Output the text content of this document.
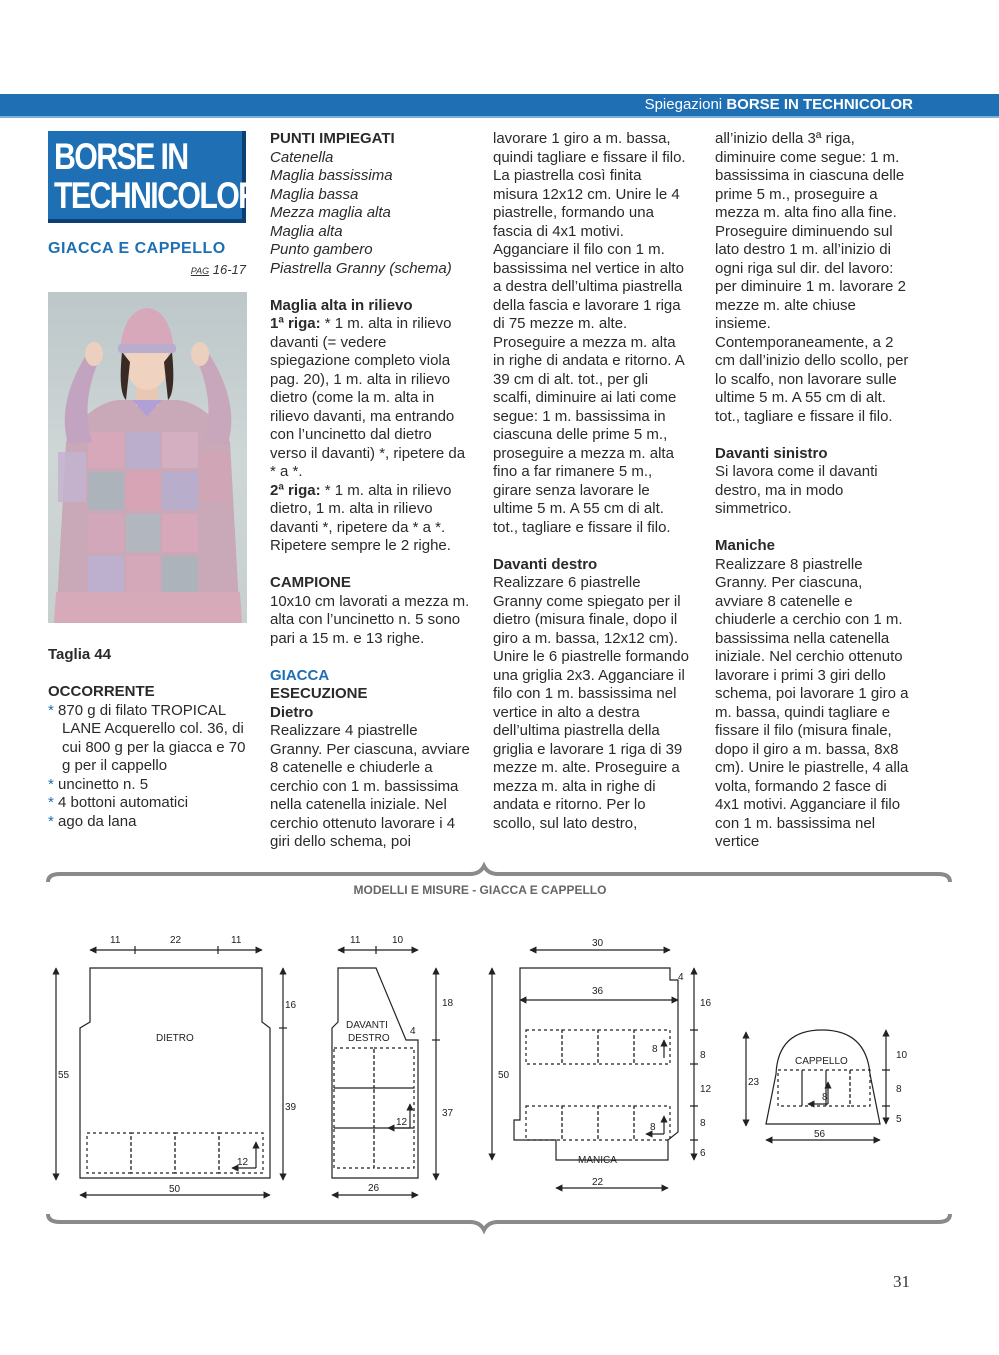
Spiegazioni BORSE IN TECHNICOLOR
BORSE IN
TECHNICOLOR
GIACCA E CAPPELLO
PAG 16-17

Taglia 44

OCCORRENTE

* 870 g di filato TROPICAL LANE Acquerello col. 36, di cui 800 g per la giacca e 70 g per il cappello

* uncinetto n. 5

* 4 bottoni automatici

* ago da lana

PUNTI IMPIEGATI

Catenella

Maglia bassissima

Maglia bassa

Mezza maglia alta

Maglia alta

Punto gambero

Piastrella Granny (schema)

Maglia alta in rilievo

1ª riga: * 1 m. alta in rilievo davanti (= vedere spiegazione completo viola pag. 20), 1 m. alta in rilievo dietro (come la m. alta in rilievo davanti, ma entrando con l’uncinetto dal dietro verso il davanti) *, ripetere da * a *.

2ª riga: * 1 m. alta in rilievo dietro, 1 m. alta in rilievo davanti *, ripetere da * a *. Ripetere sempre le 2 righe.

CAMPIONE

10x10 cm lavorati a mezza m. alta con l’uncinetto n. 5 sono pari a 15 m. e 13 righe.

GIACCA

ESECUZIONE

Dietro

Realizzare 4 piastrelle Granny. Per ciascuna, avviare 8 catenelle e chiuderle a cerchio con 1 m. bassissima nella catenella iniziale. Nel cerchio ottenuto lavorare i 4 giri dello schema, poi

lavorare 1 giro a m. bassa, quindi tagliare e fissare il filo. La piastrella così finita misura 12x12 cm. Unire le 4 piastrelle, formando una fascia di 4x1 motivi. Agganciare il filo con 1 m. bassissima nel vertice in alto a destra dell’ultima piastrella della fascia e lavorare 1 riga di 75 mezze m. alte. Proseguire a mezza m. alta in righe di andata e ritorno. A 39 cm di alt. tot., per gli scalfi, diminuire ai lati come segue: 1 m. bassissima in ciascuna delle prime 5 m., proseguire a mezza m. alta fino a far rimanere 5 m., girare senza lavorare le ultime 5 m. A 55 cm di alt. tot., tagliare e fissare il filo.

Davanti destro

Realizzare 6 piastrelle Granny come spiegato per il dietro (misura finale, dopo il giro a m. bassa, 12x12 cm). Unire le 6 piastrelle formando una griglia 2x3. Agganciare il filo con 1 m. bassissima nel vertice in alto a destra dell’ultima piastrella della griglia e lavorare 1 riga di 39 mezze m. alte. Proseguire a mezza m. alta in righe di andata e ritorno. Per lo scollo, sul lato destro,

all’inizio della 3ª riga, diminuire come segue: 1 m. bassissima in ciascuna delle prime 5 m., proseguire a mezza m. alta fino alla fine. Proseguire diminuendo sul lato destro 1 m. all’inizio di ogni riga sul dir. del lavoro: per diminuire 1 m. lavorare 2 mezze m. alte chiuse insieme. Contemporaneamente, a 2 cm dall’inizio dello scollo, per lo scalfo, non lavorare sulle ultime 5 m. A 55 cm di alt. tot., tagliare e fissare il filo.

Davanti sinistro

Si lavora come il davanti destro, ma in modo simmetrico.

Maniche

Realizzare 8 piastrelle Granny. Per ciascuna, avviare 8 catenelle e chiuderle a cerchio con 1 m. bassissima nella catenella iniziale. Nel cerchio ottenuto lavorare i primi 3 giri dello schema, poi lavorare 1 giro a m. bassa, quindi tagliare e fissare il filo (misura finale, dopo il giro a m. bassa, 8x8 cm). Unire le piastrelle, 4 alla volta, formando 2 fasce di 4x1 motivi. Agganciare il filo con 1 m. bassissima nel vertice

MODELLI E MISURE - GIACCA E CAPPELLO
DIETRO
11	22	11
16
39
55
50
12
DAVANTI
DESTRO
11	10
4
18
37
26
12
MANICA
30
36
4
50
16
8
12
8
6
22
8
8
CAPPELLO
23
10
8
5
56
8
31
